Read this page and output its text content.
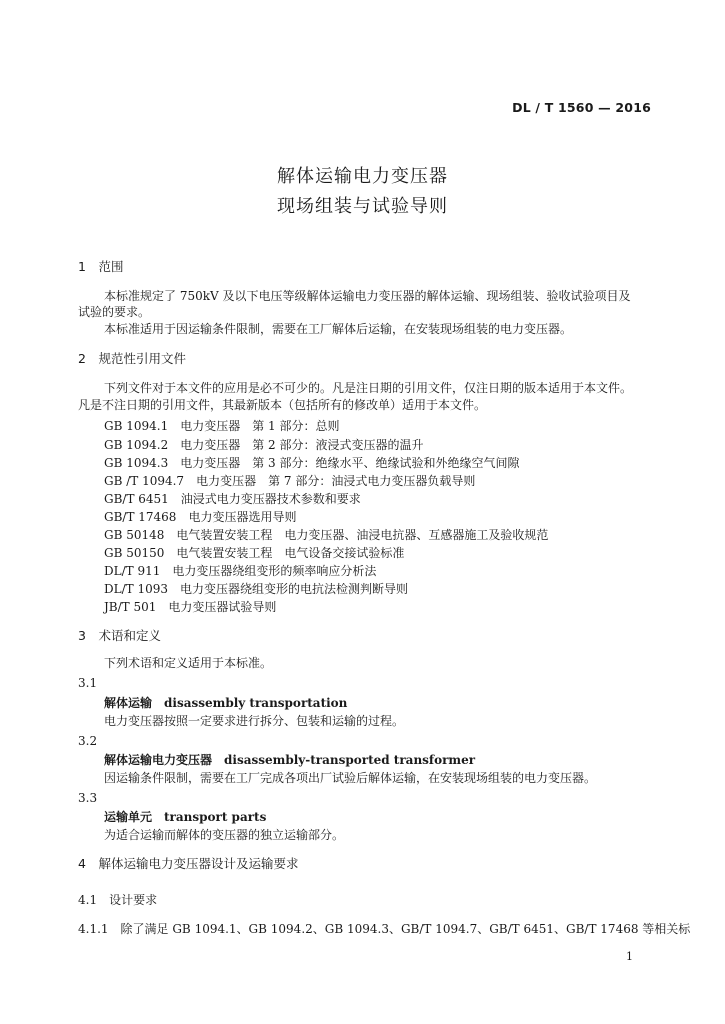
DL / T 1560 — 2016
解体运输电力变压器
现场组装与试验导则
1　范围
本标准规定了 750kV 及以下电压等级解体运输电力变压器的解体运输、现场组装、验收试验项目及
试验的要求。
本标准适用于因运输条件限制，需要在工厂解体后运输，在安装现场组装的电力变压器。
2　规范性引用文件
下列文件对于本文件的应用是必不可少的。凡是注日期的引用文件，仅注日期的版本适用于本文件。
凡是不注日期的引用文件，其最新版本（包括所有的修改单）适用于本文件。
GB 1094.1　电力变压器　第 1 部分：总则
GB 1094.2　电力变压器　第 2 部分：液浸式变压器的温升
GB 1094.3　电力变压器　第 3 部分：绝缘水平、绝缘试验和外绝缘空气间隙
GB /T 1094.7　电力变压器　第 7 部分：油浸式电力变压器负载导则
GB/T 6451　油浸式电力变压器技术参数和要求
GB/T 17468　电力变压器选用导则
GB 50148　电气装置安装工程　电力变压器、油浸电抗器、互感器施工及验收规范
GB 50150　电气装置安装工程　电气设备交接试验标准
DL/T 911　电力变压器绕组变形的频率响应分析法
DL/T 1093　电力变压器绕组变形的电抗法检测判断导则
JB/T 501　电力变压器试验导则
3　术语和定义
下列术语和定义适用于本标准。
3.1
解体运输　disassembly transportation
电力变压器按照一定要求进行拆分、包装和运输的过程。
3.2
解体运输电力变压器　disassembly-transported transformer
因运输条件限制，需要在工厂完成各项出厂试验后解体运输，在安装现场组装的电力变压器。
3.3
运输单元　transport parts
为适合运输而解体的变压器的独立运输部分。
4　解体运输电力变压器设计及运输要求
4.1　设计要求
4.1.1　除了满足 GB 1094.1、GB 1094.2、GB 1094.3、GB/T 1094.7、GB/T 6451、GB/T 17468 等相关标
1
